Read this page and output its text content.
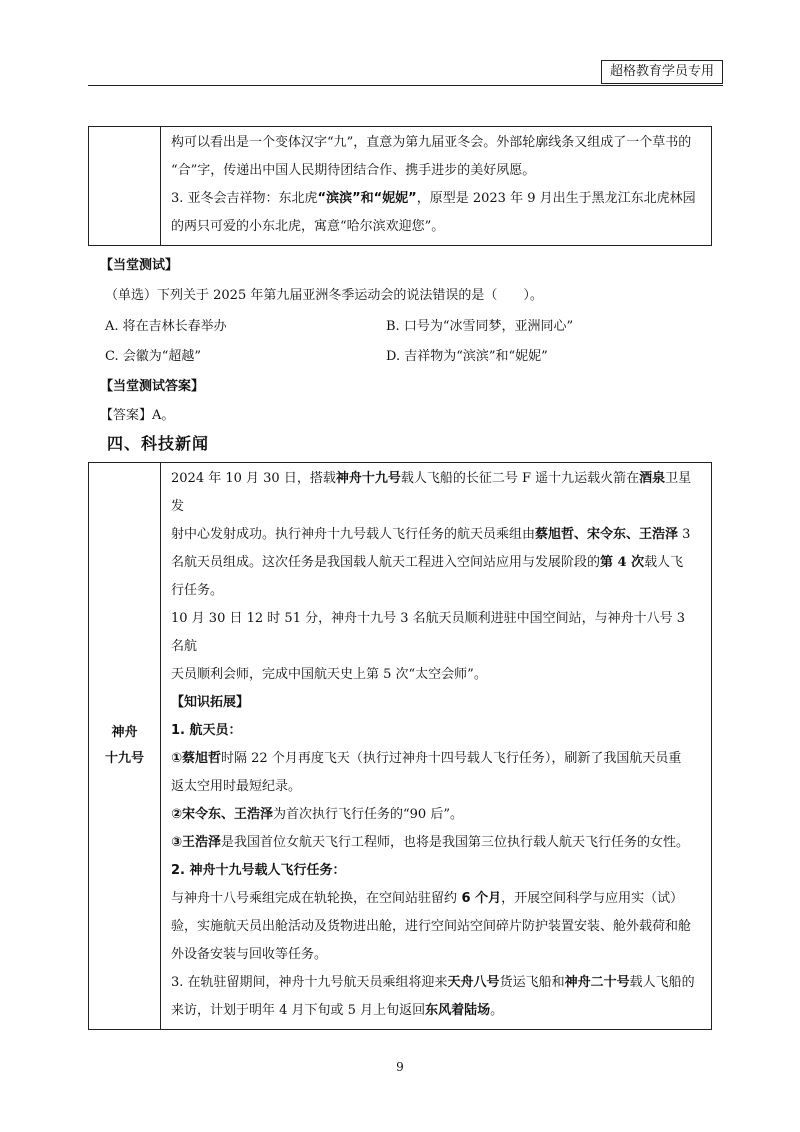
超格教育学员专用

构可以看出是一个变体汉字“九”，直意为第九届亚冬会。外部轮廓线条又组成了一个草书的

“合”字，传递出中国人民期待团结合作、携手进步的美好夙愿。

3. 亚冬会吉祥物：东北虎“滨滨”和“妮妮”，原型是 2023 年 9 月出生于黑龙江东北虎林园

的两只可爱的小东北虎，寓意“哈尔滨欢迎您”。

【当堂测试】
（单选）下列关于 2025 年第九届亚洲冬季运动会的说法错误的是（　　）。
A. 将在吉林长春举办	B. 口号为“冰雪同梦，亚洲同心”
C. 会徽为“超越”	D. 吉祥物为“滨滨”和“妮妮”
【当堂测试答案】
【答案】A。
四、科技新闻
神舟
十九号

2024 年 10 月 30 日，搭载神舟十九号载人飞船的长征二号 F 遥十九运载火箭在酒泉卫星发

射中心发射成功。执行神舟十九号载人飞行任务的航天员乘组由蔡旭哲、宋令东、王浩泽 3

名航天员组成。这次任务是我国载人航天工程进入空间站应用与发展阶段的第 4 次载人飞

行任务。

10 月 30 日 12 时 51 分，神舟十九号 3 名航天员顺利进驻中国空间站，与神舟十八号 3 名航

天员顺利会师，完成中国航天史上第 5 次“太空会师”。

【知识拓展】

1. 航天员：

①蔡旭哲时隔 22 个月再度飞天（执行过神舟十四号载人飞行任务），刷新了我国航天员重

返太空用时最短纪录。

②宋令东、王浩泽为首次执行飞行任务的“90 后”。

③王浩泽是我国首位女航天飞行工程师，也将是我国第三位执行载人航天飞行任务的女性。

2. 神舟十九号载人飞行任务：

与神舟十八号乘组完成在轨轮换，在空间站驻留约 6 个月，开展空间科学与应用实（试）

验，实施航天员出舱活动及货物进出舱，进行空间站空间碎片防护装置安装、舱外载荷和舱

外设备安装与回收等任务。

3. 在轨驻留期间，神舟十九号航天员乘组将迎来天舟八号货运飞船和神舟二十号载人飞船的

来访，计划于明年 4 月下旬或 5 月上旬返回东风着陆场。

9
